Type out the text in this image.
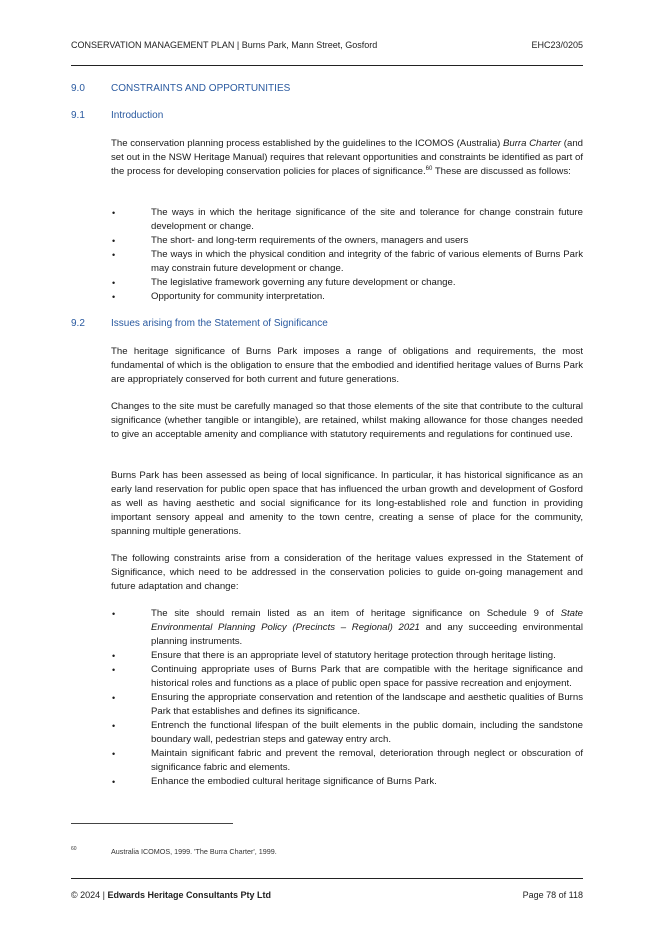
CONSERVATION MANAGEMENT PLAN | Burns Park, Mann Street, Gosford	EHC23/0205
9.0	CONSTRAINTS AND OPPORTUNITIES
9.1	Introduction

The conservation planning process established by the guidelines to the ICOMOS (Australia) Burra Charter (and set out in the NSW Heritage Manual) requires that relevant opportunities and constraints be identified as part of the process for developing conservation policies for places of significance.$^{60}$ These are discussed as follows:

•	The ways in which the heritage significance of the site and tolerance for change constrain future development or change.
•	The short- and long-term requirements of the owners, managers and users
•	The ways in which the physical condition and integrity of the fabric of various elements of Burns Park may constrain future development or change.
•	The legislative framework governing any future development or change.
•	Opportunity for community interpretation.
9.2	Issues arising from the Statement of Significance

The heritage significance of Burns Park imposes a range of obligations and requirements, the most fundamental of which is the obligation to ensure that the embodied and identified heritage values of Burns Park are appropriately conserved for both current and future generations.

Changes to the site must be carefully managed so that those elements of the site that contribute to the cultural significance (whether tangible or intangible), are retained, whilst making allowance for those changes needed to give an acceptable amenity and compliance with statutory requirements and regulations for continued use.

Burns Park has been assessed as being of local significance. In particular, it has historical significance as an early land reservation for public open space that has influenced the urban growth and development of Gosford as well as having aesthetic and social significance for its long-established role and function in providing important sensory appeal and amenity to the town centre, creating a sense of place for the community, spanning multiple generations.

The following constraints arise from a consideration of the heritage values expressed in the Statement of Significance, which need to be addressed in the conservation policies to guide on-going management and future adaptation and change:

•	The site should remain listed as an item of heritage significance on Schedule 9 of State Environmental Planning Policy (Precincts – Regional) 2021 and any succeeding environmental planning instruments.
•	Ensure that there is an appropriate level of statutory heritage protection through heritage listing.
•	Continuing appropriate uses of Burns Park that are compatible with the heritage significance and historical roles and functions as a place of public open space for passive recreation and enjoyment.
•	Ensuring the appropriate conservation and retention of the landscape and aesthetic qualities of Burns Park that establishes and defines its significance.
•	Entrench the functional lifespan of the built elements in the public domain, including the sandstone boundary wall, pedestrian steps and gateway entry arch.
•	Maintain significant fabric and prevent the removal, deterioration through neglect or obscuration of significance fabric and elements.
•	Enhance the embodied cultural heritage significance of Burns Park.
60	Australia ICOMOS, 1999. 'The Burra Charter', 1999.
© 2024 | Edwards Heritage Consultants Pty Ltd	Page 78 of 118
